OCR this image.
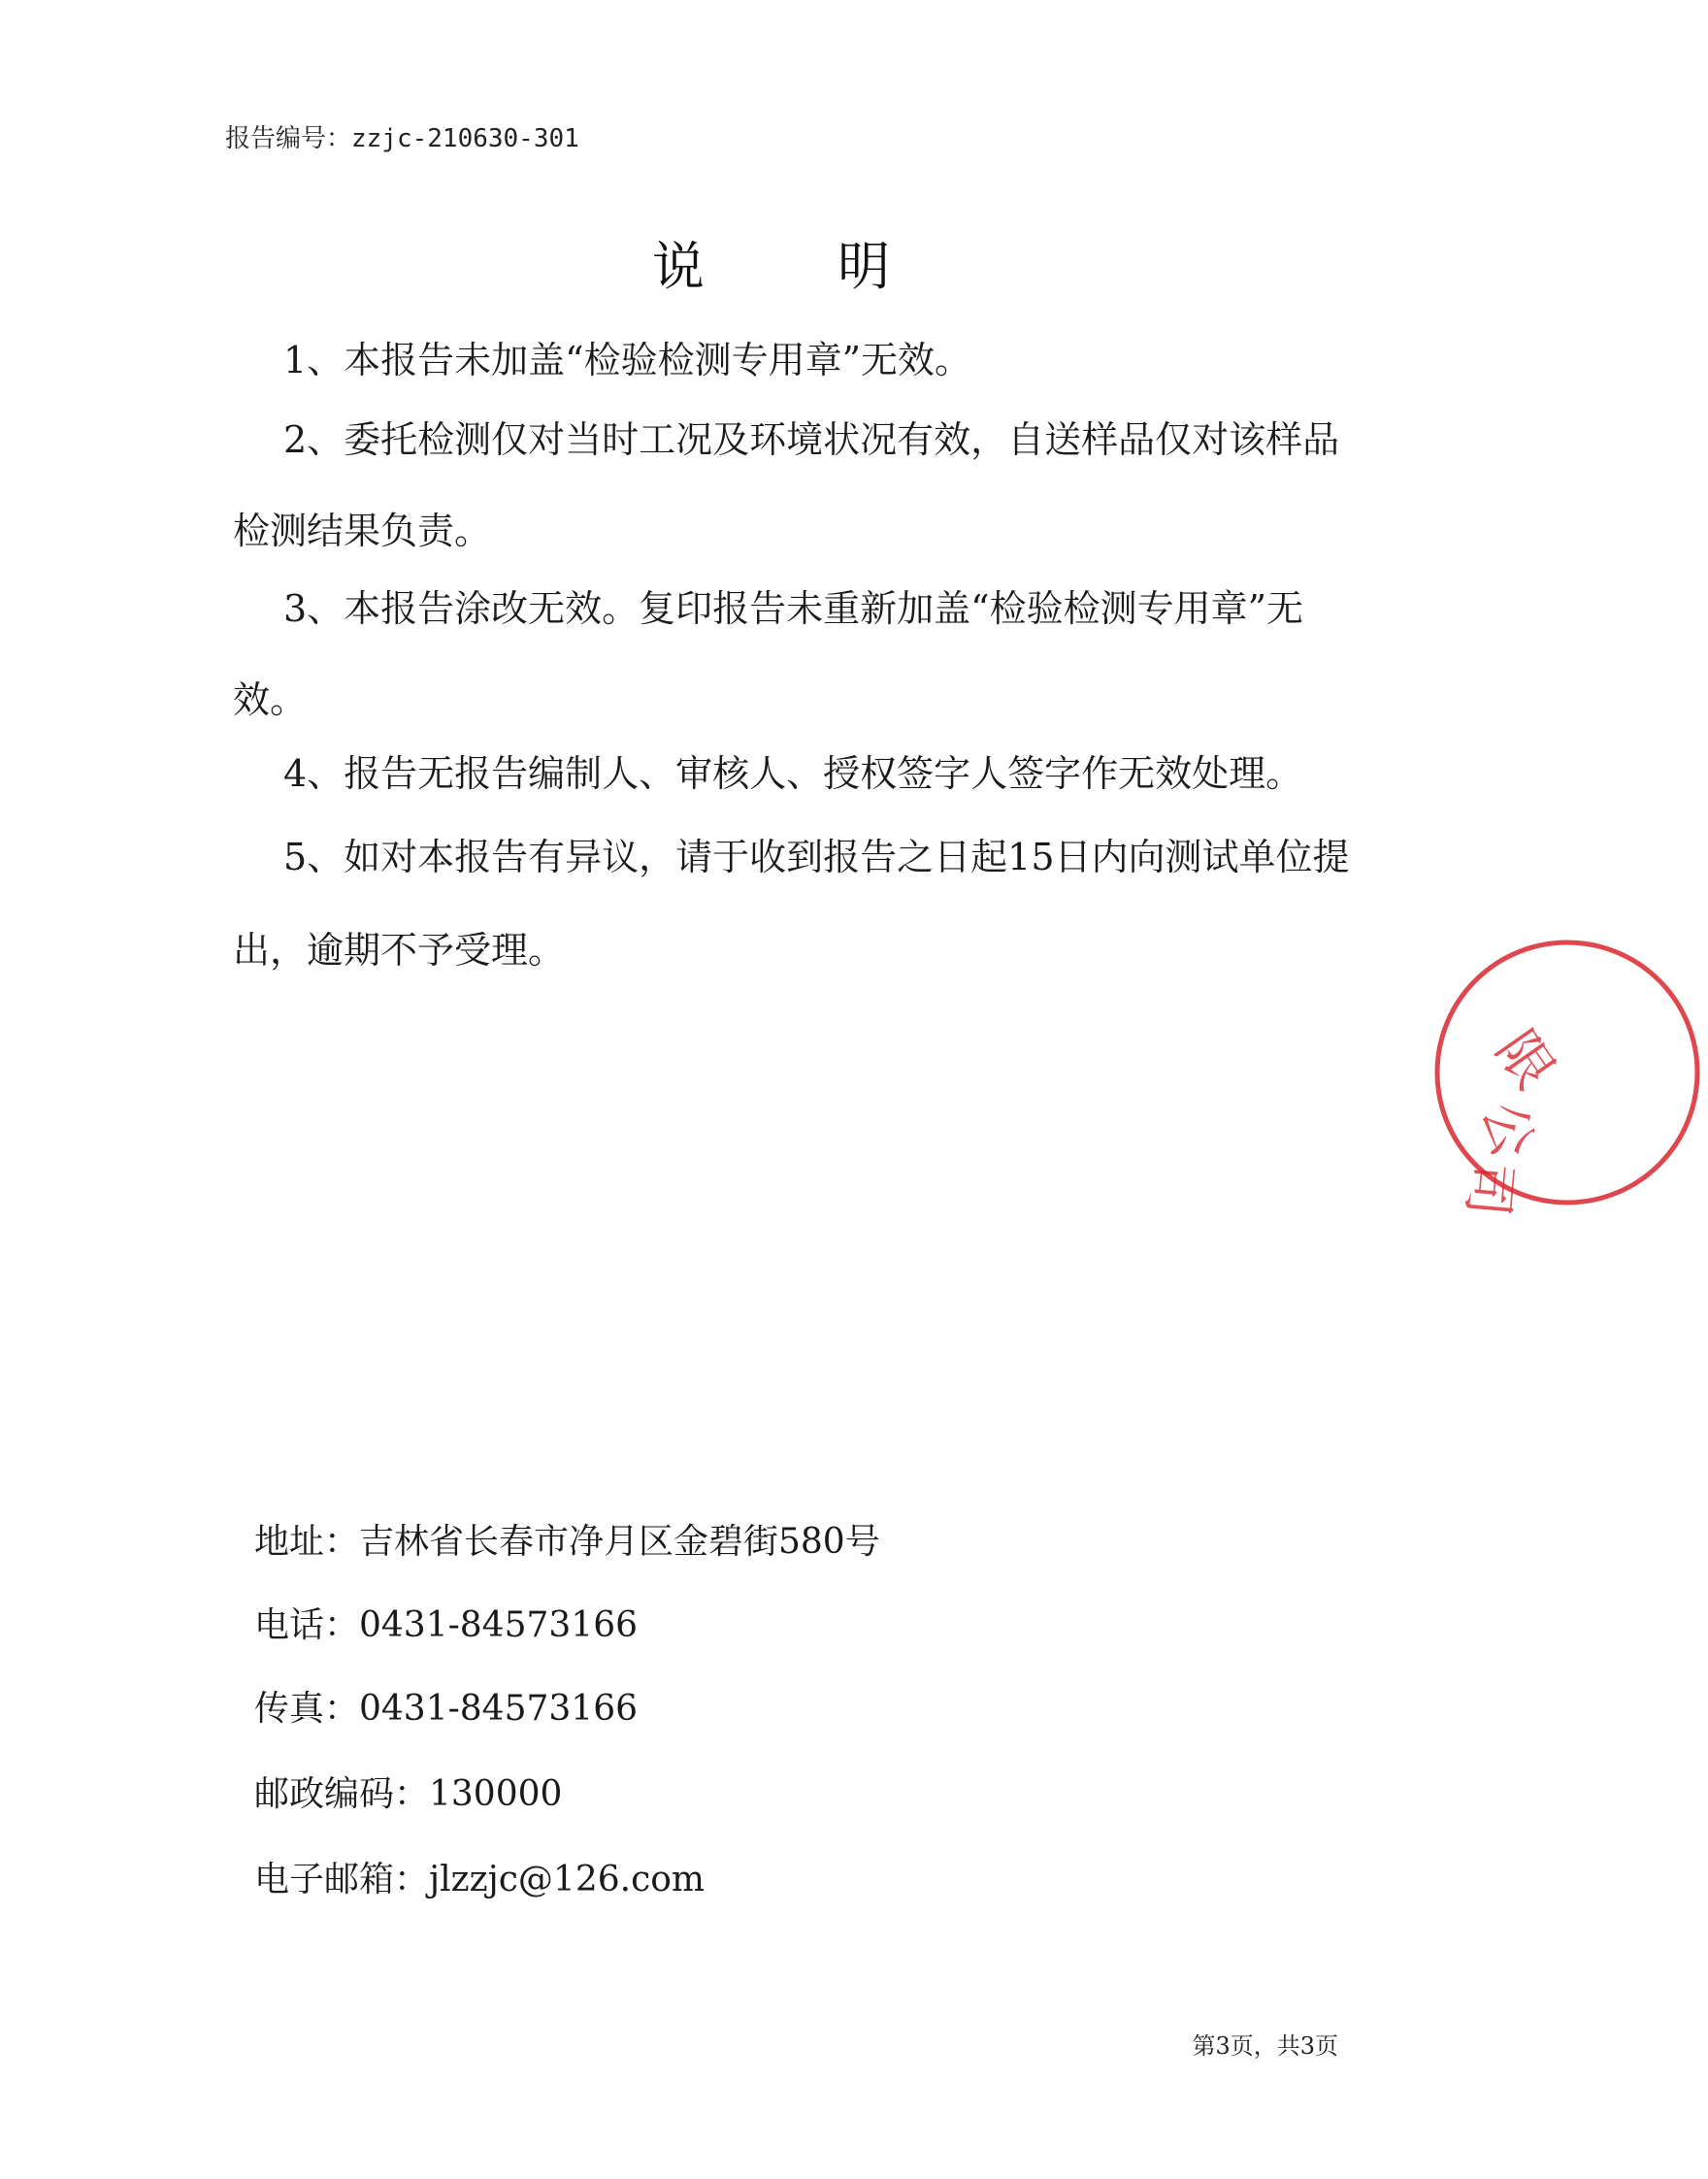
报告编号：zzjc-210630-301
说 明
1、本报告未加盖“检验检测专用章”无效。
2、委托检测仅对当时工况及环境状况有效，自送样品仅对该样品
检测结果负责。
3、本报告涂改无效。复印报告未重新加盖“检验检测专用章”无
效。
4、报告无报告编制人、审核人、授权签字人签字作无效处理。
5、如对本报告有异议，请于收到报告之日起15日内向测试单位提
出，逾期不予受理。
限
公
司
地址：吉林省长春市净月区金碧街580号
电话：0431-84573166
传真：0431-84573166
邮政编码：130000
电子邮箱：jlzzjc@126.com
第3页，共3页
